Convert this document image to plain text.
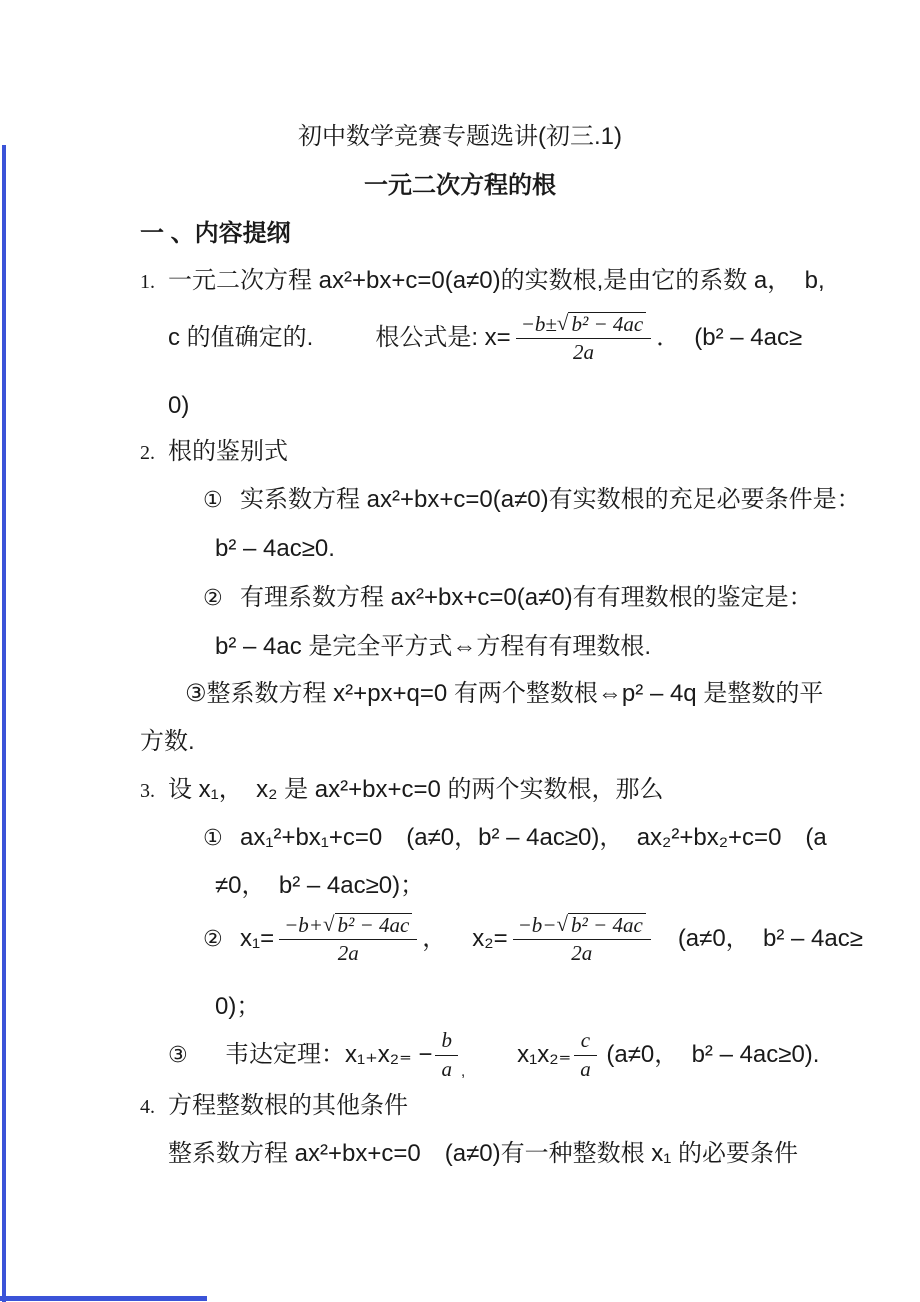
初中数学竞赛专题选讲(初三.1)
一元二次方程的根
一 、内容提纲
1. 一元二次方程 ax²+bx+c=0(a≠0)的实数根,是由它的系数 a，  b,
c 的值确定的.	根公式是: $x= \frac{\text{−b± √ b² − 4ac}}{2a}$ ． (b² – 4ac≥
0)
2. 根的鉴别式
① 实系数方程 ax²+bx+c=0(a≠0)有实数根的充足必要条件是：
b² – 4ac≥0.
② 有理系数方程 ax²+bx+c=0(a≠0)有有理数根的鉴定是：
b² – 4ac 是完全平方式⇔方程有有理数根.
③整系数方程 x²+px+q=0 有两个整数根⇔p² – 4q 是整数的平
方数.
3. 设 x₁，  x₂ 是 ax²+bx+c=0 的两个实数根，那么
① ax₁²+bx₁+c=0　(a≠0，b² – 4ac≥0)，  ax₂²+bx₂+c=0　(a
≠0，  b² – 4ac≥0)；
② $x_1= \frac{\text{−b+ √ b² − 4ac}}{2a}$ ， $x_2= \frac{\text{−b− √ b² − 4ac}}{2a} (a\ne 0$，  b² – 4ac≥
0)；
③	韦达定理： $x_{1+}x_{2=} - \frac{b}{a}$ ,
$x_1x_{2=} \frac{c}{a} (a\ne 0$，  b² – 4ac≥0).
4. 方程整数根的其他条件
整系数方程 ax²+bx+c=0　(a≠0)有一种整数根 x₁ 的必要条件
